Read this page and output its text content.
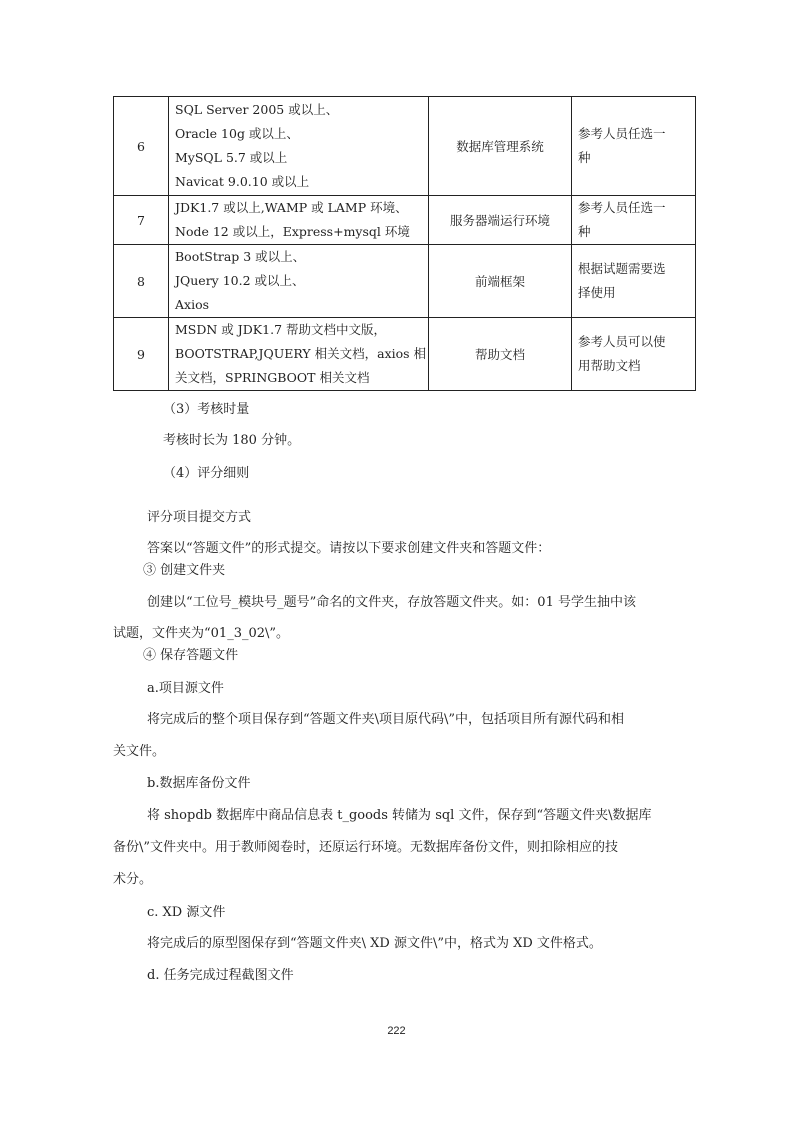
6	SQL Server 2005 或以上、
Oracle 10g 或以上、
MySQL 5.7 或以上
Navicat 9.0.10 或以上	数据库管理系统	参考人员任选一
种

7	JDK1.7 或以上,WAMP 或 LAMP 环境、
Node 12 或以上，Express+mysql 环境	服务器端运行环境	参考人员任选一
种

8	BootStrap 3 或以上、
JQuery 10.2 或以上、
Axios	前端框架	根据试题需要选
择使用

9	MSDN 或 JDK1.7 帮助文档中文版，
BOOTSTRAP,JQUERY 相关文档，axios 相
关文档，SPRINGBOOT 相关文档	帮助文档	参考人员可以使
用帮助文档
（3）考核时量
考核时长为 180 分钟。
（4）评分细则
评分项目提交方式
答案以“答题文件”的形式提交。请按以下要求创建文件夹和答题文件：
③ 创建文件夹
创建以“工位号_模块号_题号”命名的文件夹，存放答题文件夹。如：01 号学生抽中该
试题，文件夹为“01_3_02\”。
④ 保存答题文件
a.项目源文件
将完成后的整个项目保存到“答题文件夹\项目原代码\”中，包括项目所有源代码和相
关文件。
b.数据库备份文件
将 shopdb 数据库中商品信息表 t_goods 转储为 sql 文件，保存到“答题文件夹\数据库
备份\”文件夹中。用于教师阅卷时，还原运行环境。无数据库备份文件，则扣除相应的技
术分。
c. XD 源文件
将完成后的原型图保存到“答题文件夹\ XD 源文件\”中，格式为 XD 文件格式。
d. 任务完成过程截图文件
222
